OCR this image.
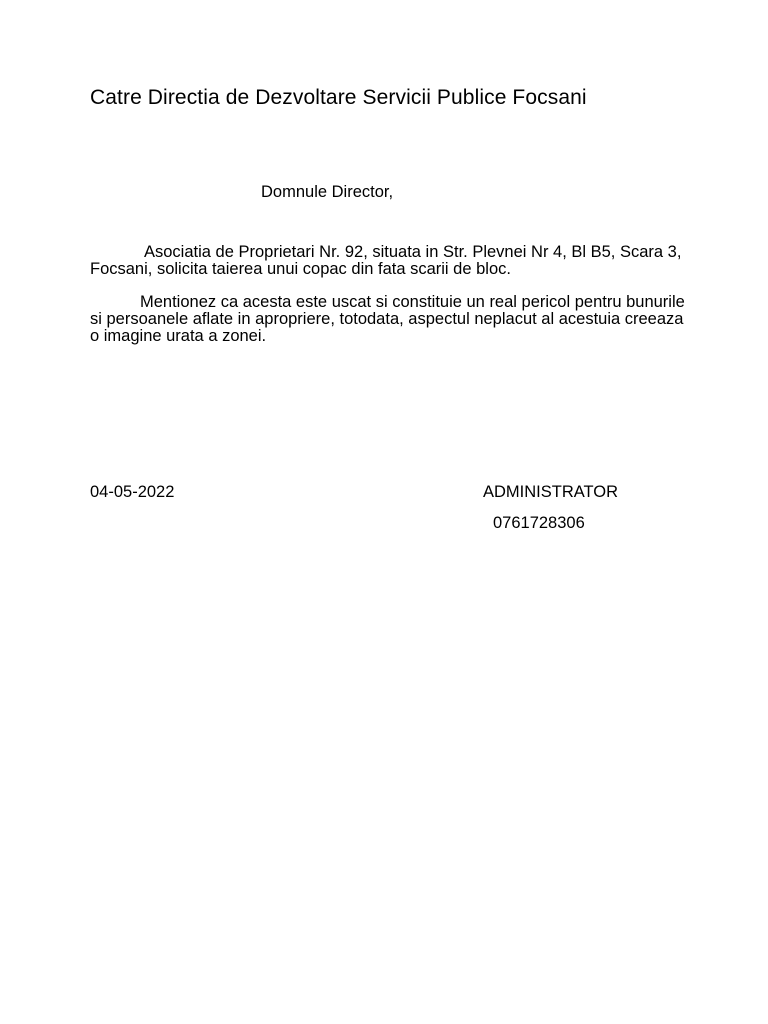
Catre Directia de Dezvoltare Servicii Publice Focsani
Domnule Director,

Asociatia de Proprietari Nr. 92, situata in Str. Plevnei Nr 4, Bl B5, Scara 3, Focsani, solicita taierea unui copac din fata scarii de bloc.

Mentionez ca acesta este uscat si constituie un real pericol pentru bunurile si persoanele aflate in apropriere, totodata, aspectul neplacut al acestuia creeaza o imagine urata a zonei.

04-05-2022	ADMINISTRATOR
0761728306
